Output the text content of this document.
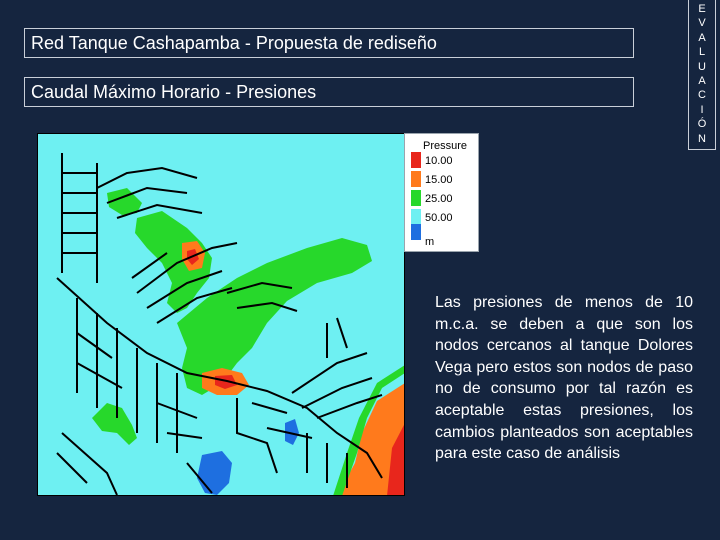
Red Tanque Cashapamba - Propuesta de rediseño
Caudal Máximo Horario - Presiones
E
V
A
L
U
A
C
I
Ó
N
Pressure
10.00
15.00
25.00
50.00
m
Las presiones de menos de 10 m.c.a. se deben a que son los nodos cercanos al tanque Dolores Vega pero estos son nodos de paso no de consumo por tal razón es aceptable estas presiones, los cambios planteados son aceptables para este caso de análisis
